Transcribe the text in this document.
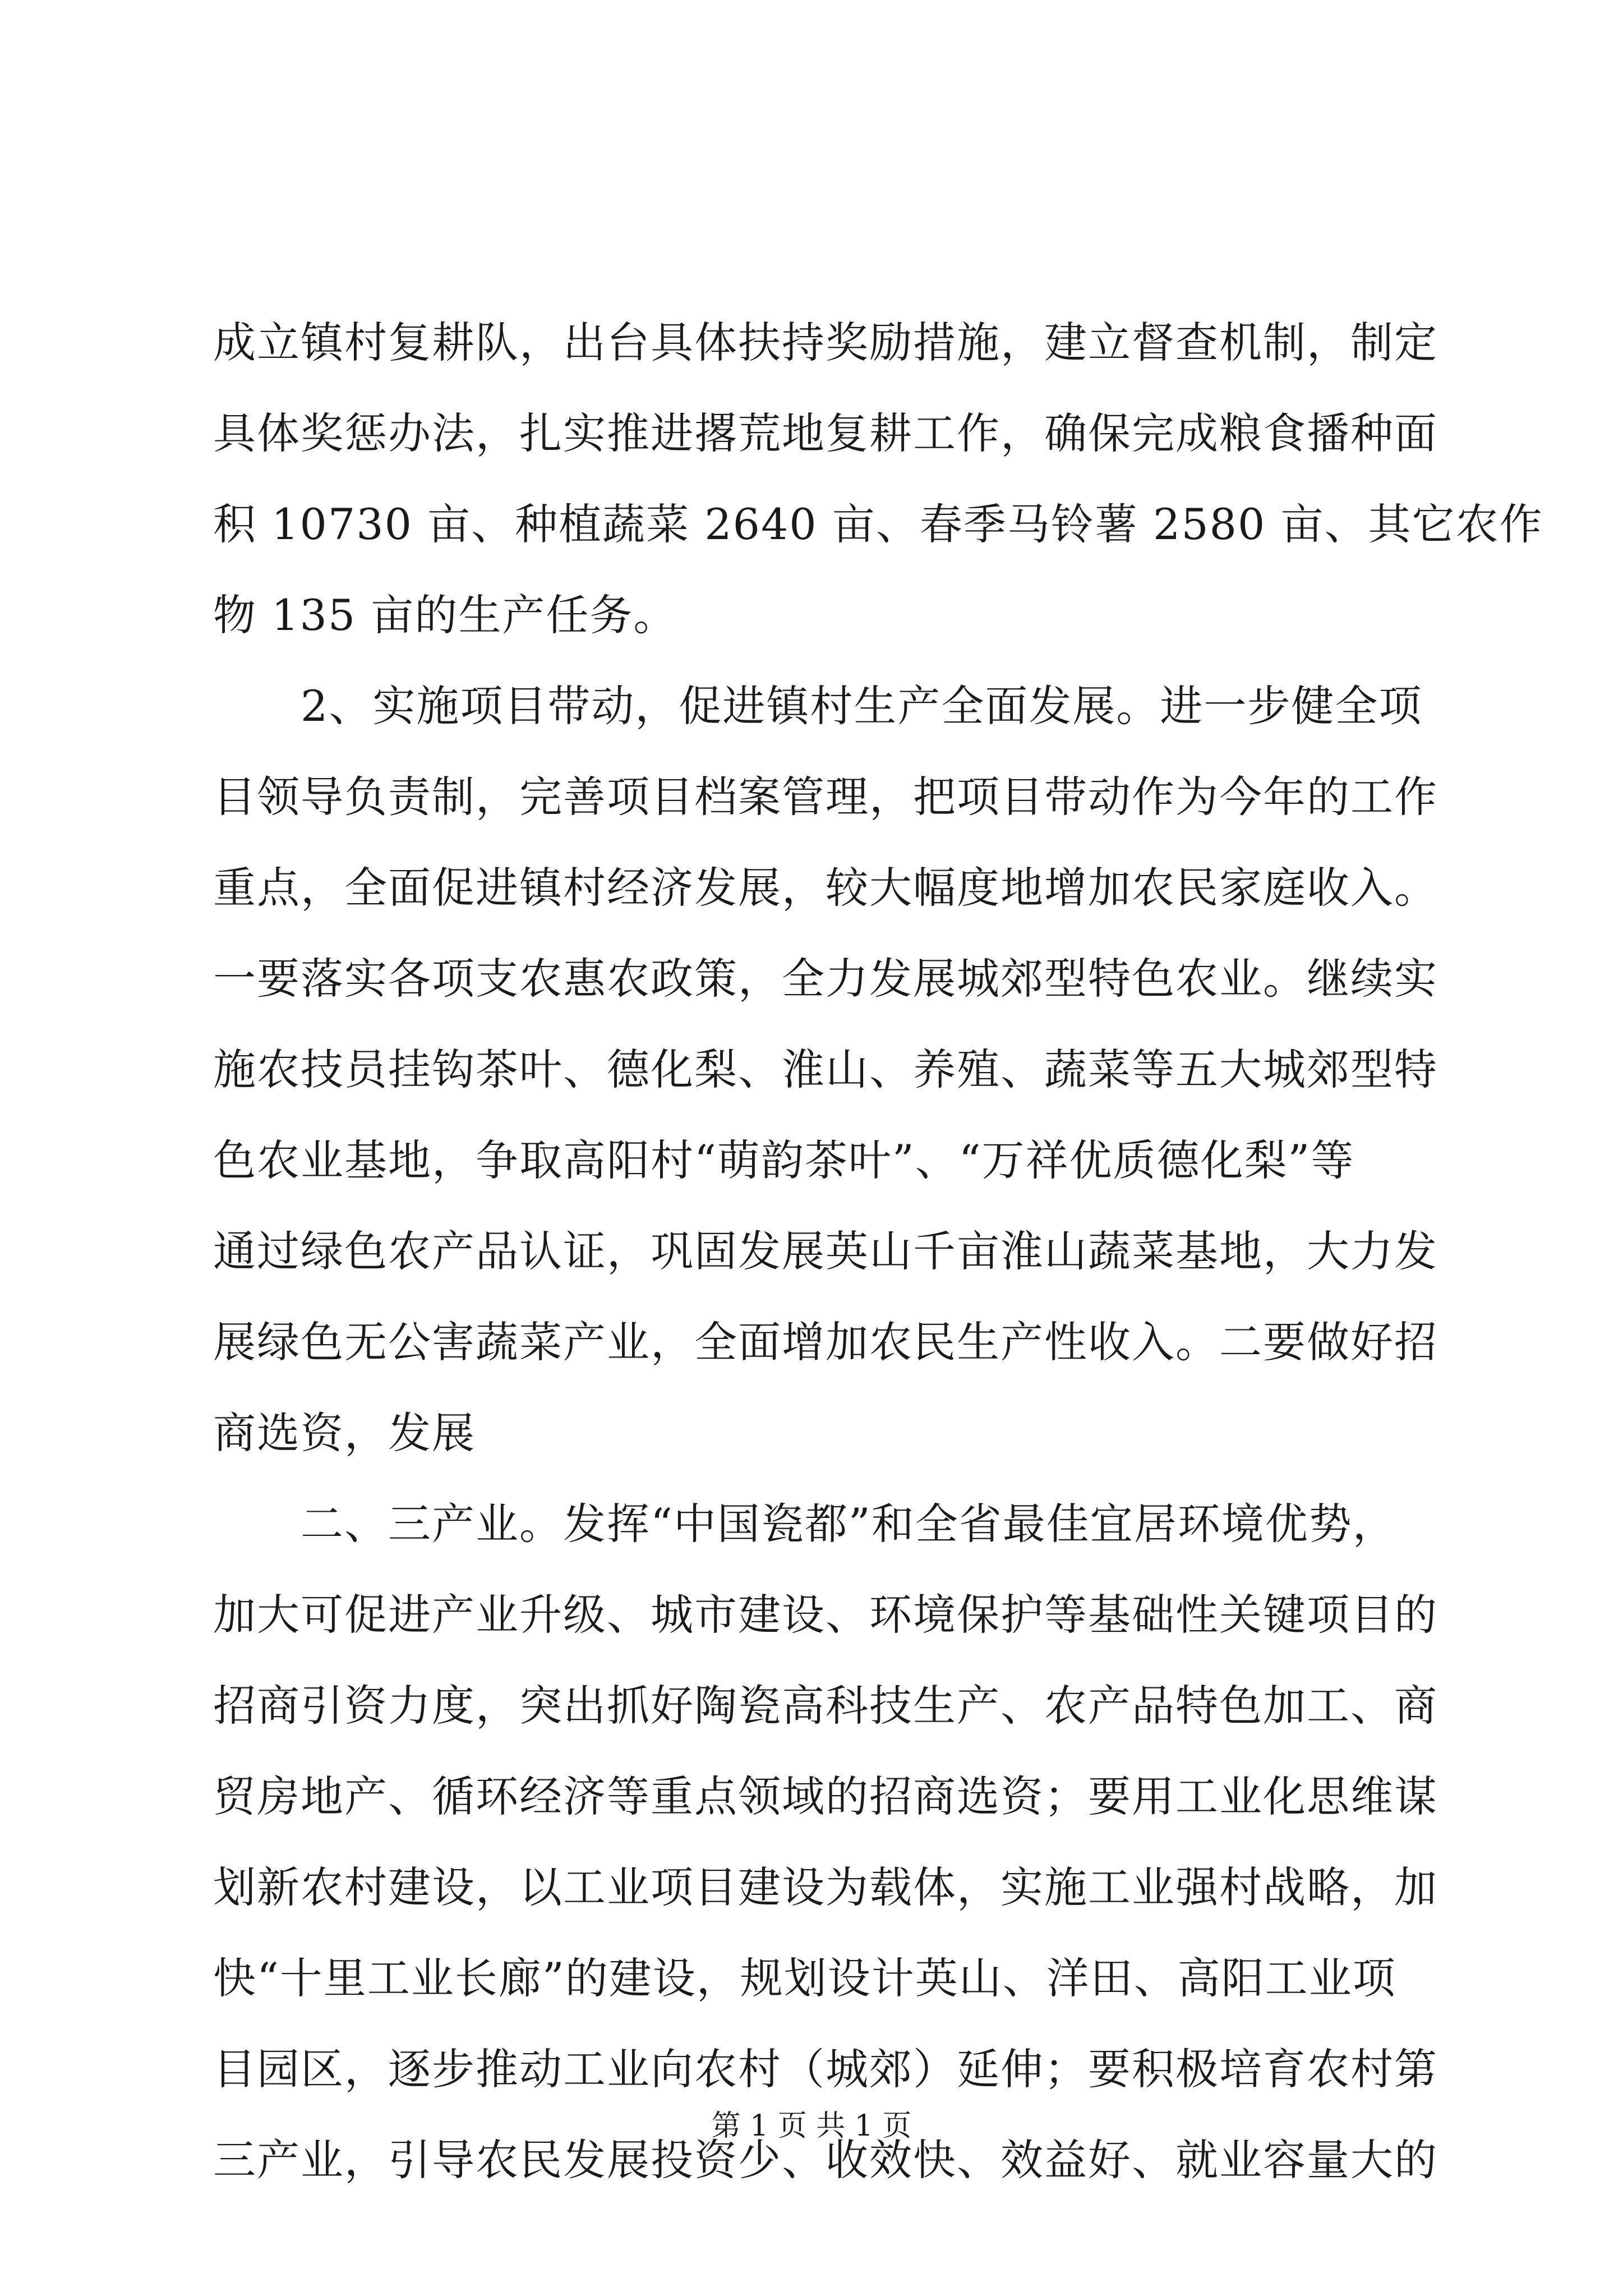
成立镇村复耕队，出台具体扶持奖励措施，建立督查机制，制定
具体奖惩办法，扎实推进撂荒地复耕工作，确保完成粮食播种面
积 10730 亩、种植蔬菜 2640 亩、春季马铃薯 2580 亩、其它农作
物 135 亩的生产任务。
　　2、实施项目带动，促进镇村生产全面发展。进一步健全项
目领导负责制，完善项目档案管理，把项目带动作为今年的工作
重点，全面促进镇村经济发展，较大幅度地增加农民家庭收入。
一要落实各项支农惠农政策，全力发展城郊型特色农业。继续实
施农技员挂钩茶叶、德化梨、淮山、养殖、蔬菜等五大城郊型特
色农业基地，争取高阳村“萌韵茶叶”、“万祥优质德化梨”等
通过绿色农产品认证，巩固发展英山千亩淮山蔬菜基地，大力发
展绿色无公害蔬菜产业，全面增加农民生产性收入。二要做好招
商选资，发展
　　二、三产业。发挥“中国瓷都”和全省最佳宜居环境优势，
加大可促进产业升级、城市建设、环境保护等基础性关键项目的
招商引资力度，突出抓好陶瓷高科技生产、农产品特色加工、商
贸房地产、循环经济等重点领域的招商选资；要用工业化思维谋
划新农村建设，以工业项目建设为载体，实施工业强村战略，加
快“十里工业长廊”的建设，规划设计英山、洋田、高阳工业项
目园区，逐步推动工业向农村（城郊）延伸；要积极培育农村第
三产业，引导农民发展投资少、收效快、效益好、就业容量大的
第 1 页 共 1 页
